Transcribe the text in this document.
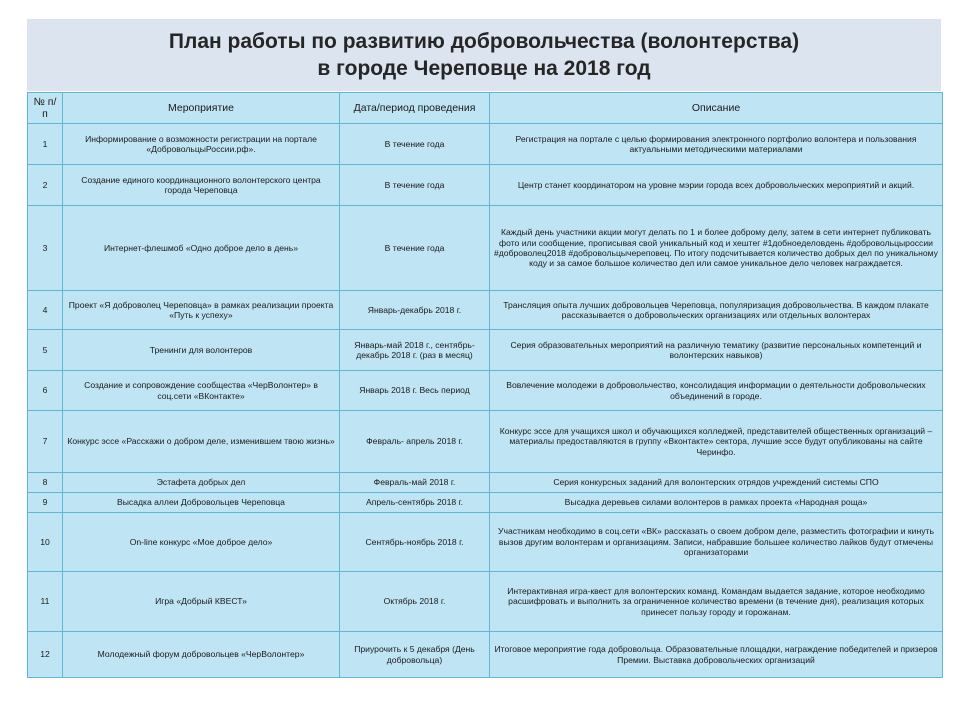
План работы по развитию добровольчества (волонтерства)
в городе Череповце на 2018 год
№ п/п	Мероприятие	Дата/период проведения	Описание
1	Информирование о возможности регистрации на портале «ДобровольцыРоссии.рф».	В течение года	Регистрация на портале с целью формирования электронного портфолио волонтера и пользования актуальными методическими материалами
2	Создание единого координационного волонтерского центра города Череповца	В течение года	Центр станет координатором на уровне мэрии города всех добровольческих мероприятий и акций.
3	Интернет-флешмоб «Одно доброе дело в день»	В течение года	Каждый день участники акции могут делать по 1 и более доброму делу, затем в сети интернет публиковать фото или сообщение, прописывая свой уникальный код и хештег #1добноеделовдень #добровольцыроссии #доброволец2018 #добровольцычереповец. По итогу подсчитывается количество добрых дел по уникальному коду и за самое большое количество дел или самое уникальное дело человек награждается.
4	Проект «Я доброволец Череповца» в рамках реализации проекта «Путь к успеху»	Январь-декабрь 2018 г.	Трансляция опыта лучших добровольцев Череповца, популяризация добровольчества. В каждом плакате рассказывается о добровольческих организациях или отдельных волонтерах
5	Тренинги для волонтеров	Январь-май 2018 г., сентябрь-декабрь 2018 г. (раз в месяц)	Серия образовательных мероприятий на различную тематику (развитие персональных компетенций и волонтерских навыков)
6	Создание и сопровождение сообщества «ЧерВолонтер» в соц.сети «ВКонтакте»	Январь 2018 г. Весь период	Вовлечение молодежи в добровольчество, консолидация информации о деятельности добровольческих объединений в городе.
7	Конкурс эссе «Расскажи о добром деле, изменившем твою жизнь»	Февраль- апрель 2018 г.	Конкурс эссе для учащихся школ и обучающихся колледжей, представителей общественных организаций – материалы предоставляются в группу «Вконтакте» сектора, лучшие эссе будут опубликованы на сайте Черинфо.
8	Эстафета добрых дел	Февраль-май 2018 г.	Серия конкурсных заданий для волонтерских отрядов учреждений системы СПО
9	Высадка аллеи Добровольцев Череповца	Апрель-сентябрь 2018 г.	Высадка деревьев силами волонтеров в рамках проекта «Народная роща»
10	On-line конкурс «Мое доброе дело»	Сентябрь-ноябрь 2018 г.	Участникам необходимо в соц.сети «ВК» рассказать о своем добром деле, разместить фотографии и кинуть вызов другим волонтерам и организациям. Записи, набравшие большее количество лайков будут отмечены организаторами
11	Игра «Добрый КВЕСТ»	Октябрь 2018 г.	Интерактивная игра-квест для волонтерских команд. Командам выдается задание, которое необходимо расшифровать и выполнить за ограниченное количество времени (в течение дня), реализация которых принесет пользу городу и горожанам.
12	Молодежный форум добровольцев «ЧерВолонтер»	Приурочить к 5 декабря (День добровольца)	Итоговое мероприятие года добровольца. Образовательные площадки, награждение победителей и призеров Премии. Выставка добровольческих организаций
